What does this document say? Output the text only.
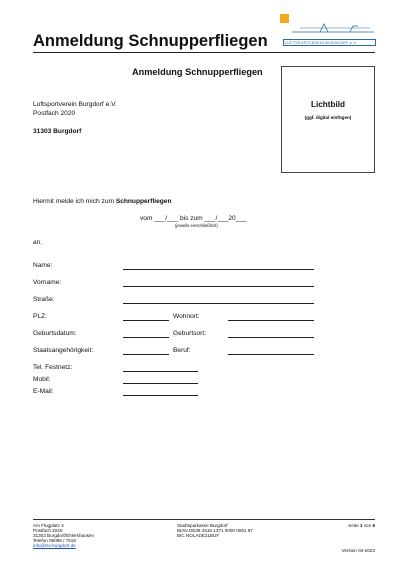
Anmeldung Schnupperfliegen	LUFTSPORTVEREIN BURGDORF e.V.
Anmeldung Schnupperfliegen
Lichtbild
(ggf. digital einfügen)
Luftsportverein Burgdorf e.V.
Postfach 2020
31303 Burgdorf
Hiermit melde ich mich zum Schnupperfliegen
vom ___/___ bis zum ___/___20___
(jeweils einschließlich)
an.
Name:
Vorname:
Straße:
PLZ:	Wohnort:
Geburtsdatum:	Geburtsort:
Staatsangehörigkeit:	Beruf:
Tel. Festnetz:
Mobil:
E-Mail:
Am Flugplatz 3
Postfach 2020
31303 Burgdorf/Ehlershausen
Telefon 05085 / 7518
info@lsv-burgdorf.de
Stadtsparkasse Burgdorf
IBAN DE38 2515 1371 0000 0061 97
BIC NOLADE21BUF
Seite 1 von 6
Version 04-2023
